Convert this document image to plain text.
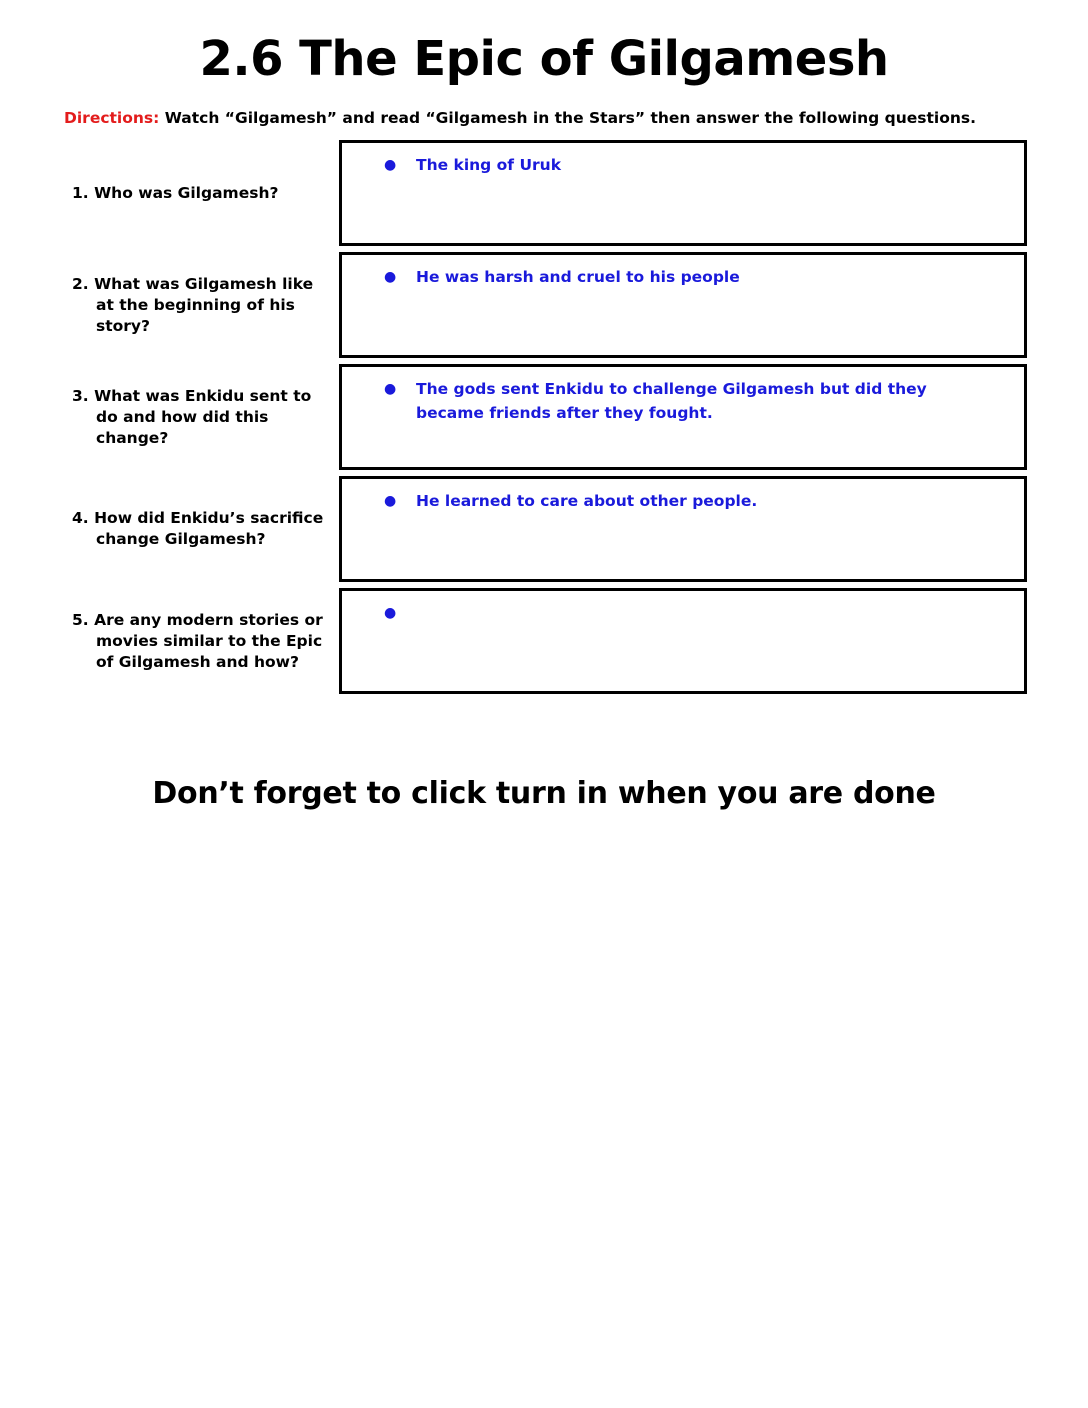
2.6 The Epic of Gilgamesh
Directions: Watch “Gilgamesh” and read “Gilgamesh in the Stars” then answer the following questions.
1. Who was Gilgamesh?
●	The king of Uruk
2. What was Gilgamesh like at the beginning of his story?
●	He was harsh and cruel to his people
3. What was Enkidu sent to do and how did this change?
●	The gods sent Enkidu to challenge Gilgamesh but did they became friends after they fought.
4. How did Enkidu’s sacrifice change Gilgamesh?
●	He learned to care about other people.
5. Are any modern stories or movies similar to the Epic of Gilgamesh and how?
●
Don’t forget to click turn in when you are done
